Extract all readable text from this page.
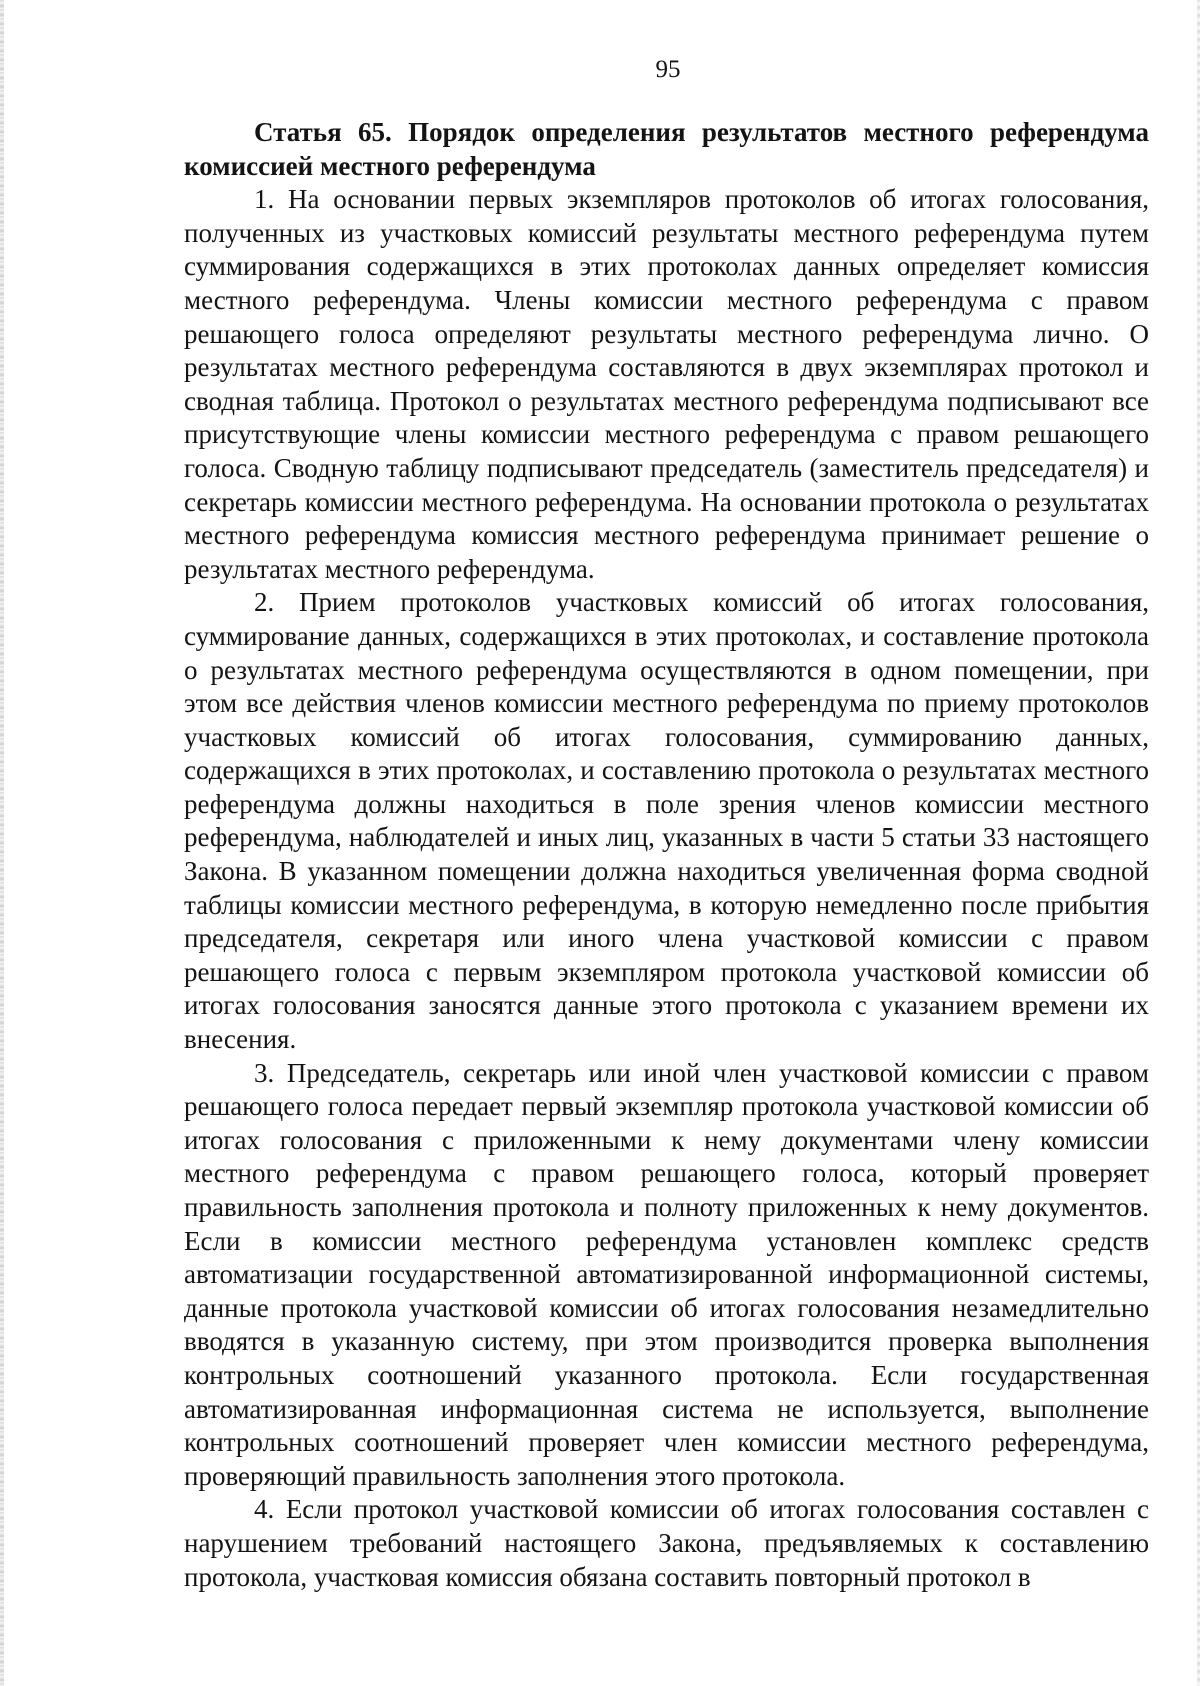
95

Статья 65. Порядок определения результатов местного референдума комиссией местного референдума

1. На основании первых экземпляров протоколов об итогах голосования, полученных из участковых комиссий результаты местного референдума путем суммирования содержащихся в этих протоколах данных определяет комиссия местного референдума. Члены комиссии местного референдума с правом решающего голоса определяют результаты местного референдума лично. О результатах местного референдума составляются в двух экземплярах протокол и сводная таблица. Протокол о результатах местного референдума подписывают все присутствующие члены комиссии местного референдума с правом решающего голоса. Сводную таблицу подписывают председатель (заместитель председателя) и секретарь комиссии местного референдума. На основании протокола о результатах местного референдума комиссия местного референдума принимает решение о результатах местного референдума.

2. Прием протоколов участковых комиссий об итогах голосования, суммирование данных, содержащихся в этих протоколах, и составление протокола о результатах местного референдума осуществляются в одном помещении, при этом все действия членов комиссии местного референдума по приему протоколов участковых комиссий об итогах голосования, суммированию данных, содержащихся в этих протоколах, и составлению протокола о результатах местного референдума должны находиться в поле зрения членов комиссии местного референдума, наблюдателей и иных лиц, указанных в части 5 статьи 33 настоящего Закона. В указанном помещении должна находиться увеличенная форма сводной таблицы комиссии местного референдума, в которую немедленно после прибытия председателя, секретаря или иного члена участковой комиссии с правом решающего голоса с первым экземпляром протокола участковой комиссии об итогах голосования заносятся данные этого протокола с указанием времени их внесения.

3. Председатель, секретарь или иной член участковой комиссии с правом решающего голоса передает первый экземпляр протокола участковой комиссии об итогах голосования с приложенными к нему документами члену комиссии местного референдума с правом решающего голоса, который проверяет правильность заполнения протокола и полноту приложенных к нему документов. Если в комиссии местного референдума установлен комплекс средств автоматизации государственной автоматизированной информационной системы, данные протокола участковой комиссии об итогах голосования незамедлительно вводятся в указанную систему, при этом производится проверка выполнения контрольных соотношений указанного протокола. Если государственная автоматизированная информационная система не используется, выполнение контрольных соотношений проверяет член комиссии местного референдума, проверяющий правильность заполнения этого протокола.

4. Если протокол участковой комиссии об итогах голосования составлен с нарушением требований настоящего Закона, предъявляемых к составлению протокола, участковая комиссия обязана составить повторный протокол в
